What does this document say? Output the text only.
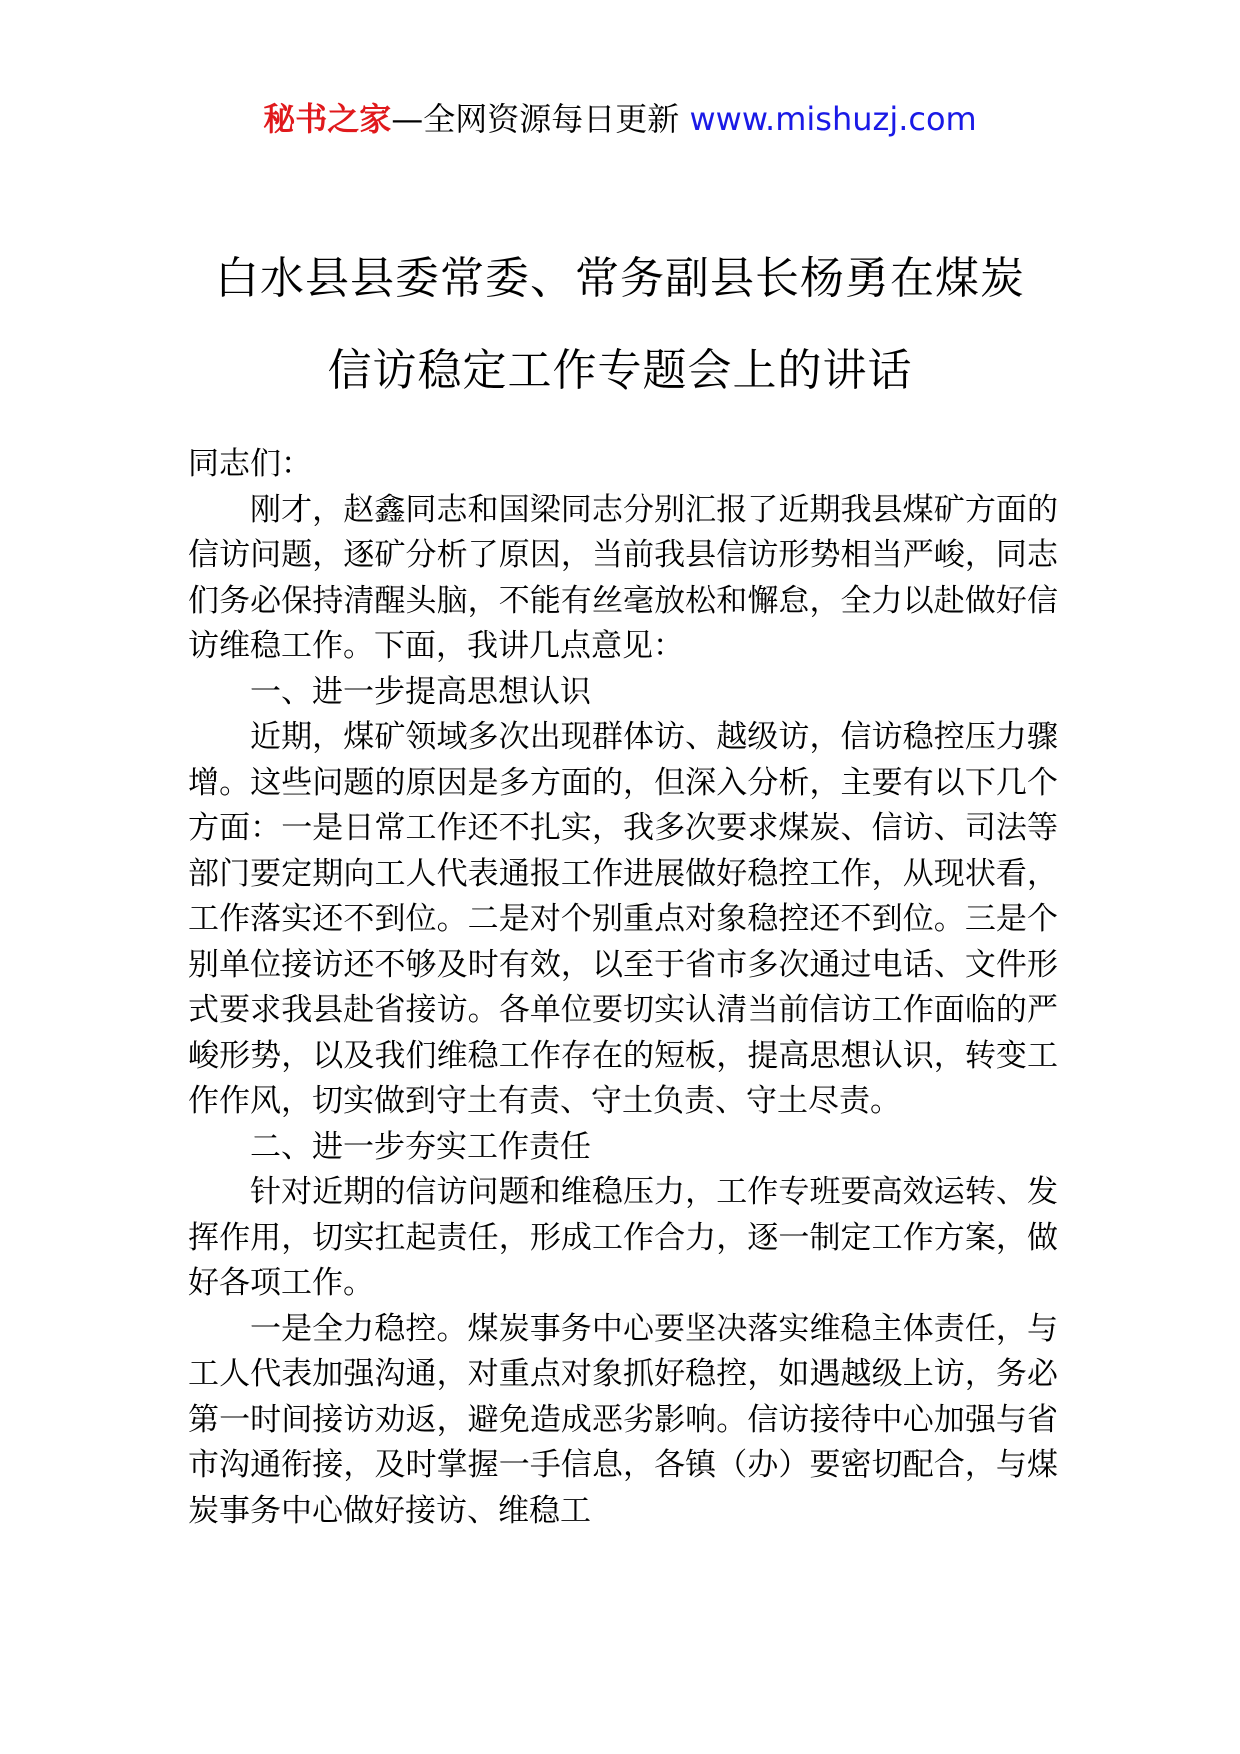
秘书之家—全网资源每日更新 www.mishuzj.com
白水县县委常委、常务副县长杨勇在煤炭
信访稳定工作专题会上的讲话

同志们：

刚才，赵鑫同志和国梁同志分别汇报了近期我县煤矿方面的信访问题，逐矿分析了原因，当前我县信访形势相当严峻，同志们务必保持清醒头脑，不能有丝毫放松和懈怠，全力以赴做好信访维稳工作。下面，我讲几点意见：

一、进一步提高思想认识

近期，煤矿领域多次出现群体访、越级访，信访稳控压力骤增。这些问题的原因是多方面的，但深入分析，主要有以下几个方面：一是日常工作还不扎实，我多次要求煤炭、信访、司法等部门要定期向工人代表通报工作进展做好稳控工作，从现状看，工作落实还不到位。二是对个别重点对象稳控还不到位。三是个别单位接访还不够及时有效，以至于省市多次通过电话、文件形式要求我县赴省接访。各单位要切实认清当前信访工作面临的严峻形势，以及我们维稳工作存在的短板，提高思想认识，转变工作作风，切实做到守土有责、守土负责、守土尽责。

二、进一步夯实工作责任

针对近期的信访问题和维稳压力，工作专班要高效运转、发挥作用，切实扛起责任，形成工作合力，逐一制定工作方案，做好各项工作。

一是全力稳控。煤炭事务中心要坚决落实维稳主体责任，与工人代表加强沟通，对重点对象抓好稳控，如遇越级上访，务必第一时间接访劝返，避免造成恶劣影响。信访接待中心加强与省市沟通衔接，及时掌握一手信息，各镇（办）要密切配合，与煤炭事务中心做好接访、维稳工
